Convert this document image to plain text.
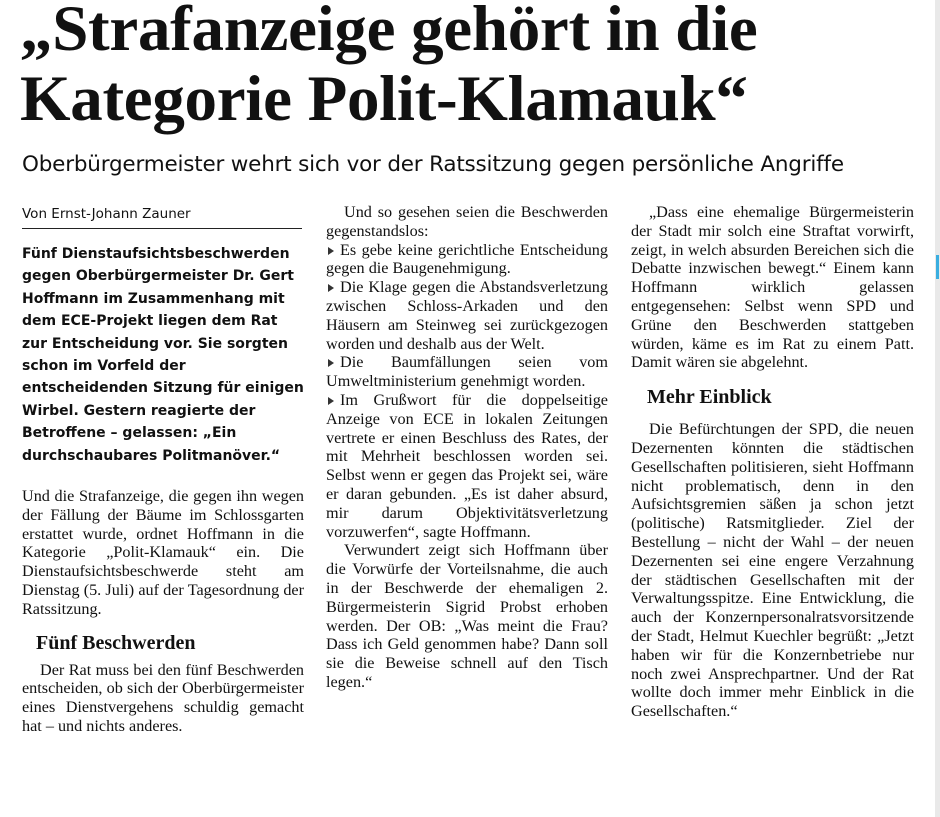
„Strafanzeige gehört in die
Kategorie Polit-Klamauk“

Oberbürgermeister wehrt sich vor der Ratssitzung gegen persönliche Angriffe

Von Ernst-Johann Zauner

Fünf Dienstaufsichtsbeschwerden gegen Oberbürgermeister Dr. Gert Hoffmann im Zusammenhang mit dem ECE-Projekt liegen dem Rat zur Entscheidung vor. Sie sorgten schon im Vorfeld der entscheidenden Sitzung für einigen Wirbel. Gestern reagierte der Betroffene – gelassen: „Ein durchschaubares Politmanöver.“

Und die Strafanzeige, die gegen ihn wegen der Fällung der Bäume im Schlossgarten erstattet wurde, ordnet Hoffmann in die Kategorie „Polit-Klamauk“ ein. Die Dienstaufsichtsbeschwerde steht am Dienstag (5. Juli) auf der Tagesordnung der Ratssitzung.

Fünf Beschwerden

Der Rat muss bei den fünf Beschwerden entscheiden, ob sich der Oberbürgermeister eines Dienstvergehens schuldig gemacht hat – und nichts anderes.

Und so gesehen seien die Beschwerden gegenstandslos:

Es gebe keine gerichtliche Entscheidung gegen die Baugenehmigung.

Die Klage gegen die Abstandsverletzung zwischen Schloss-Arkaden und den Häusern am Steinweg sei zurückgezogen worden und deshalb aus der Welt.

Die Baumfällungen seien vom Umweltministerium genehmigt worden.

Im Grußwort für die doppelseitige Anzeige von ECE in lokalen Zeitungen vertrete er einen Beschluss des Rates, der mit Mehrheit beschlossen worden sei. Selbst wenn er gegen das Projekt sei, wäre er daran gebunden. „Es ist daher absurd, mir darum Objektivitätsverletzung vorzuwerfen“, sagte Hoffmann.

Verwundert zeigt sich Hoffmann über die Vorwürfe der Vorteilsnahme, die auch in der Beschwerde der ehemaligen 2. Bürgermeisterin Sigrid Probst erhoben werden. Der OB: „Was meint die Frau? Dass ich Geld genommen habe? Dann soll sie die Beweise schnell auf den Tisch legen.“

„Dass eine ehemalige Bürgermeisterin der Stadt mir solch eine Straftat vorwirft, zeigt, in welch absurden Bereichen sich die Debatte inzwischen bewegt.“ Einem kann Hoffmann wirklich gelassen entgegensehen: Selbst wenn SPD und Grüne den Beschwerden stattgeben würden, käme es im Rat zu einem Patt. Damit wären sie abgelehnt.

Mehr Einblick

Die Befürchtungen der SPD, die neuen Dezernenten könnten die städtischen Gesellschaften politisieren, sieht Hoffmann nicht problematisch, denn in den Aufsichtsgremien säßen ja schon jetzt (politische) Ratsmitglieder. Ziel der Bestellung – nicht der Wahl – der neuen Dezernenten sei eine engere Verzahnung der städtischen Gesellschaften mit der Verwaltungsspitze. Eine Entwicklung, die auch der Konzernpersonalratsvorsitzende der Stadt, Helmut Kuechler begrüßt: „Jetzt haben wir für die Konzernbetriebe nur noch zwei Ansprechpartner. Und der Rat wollte doch immer mehr Einblick in die Gesellschaften.“
